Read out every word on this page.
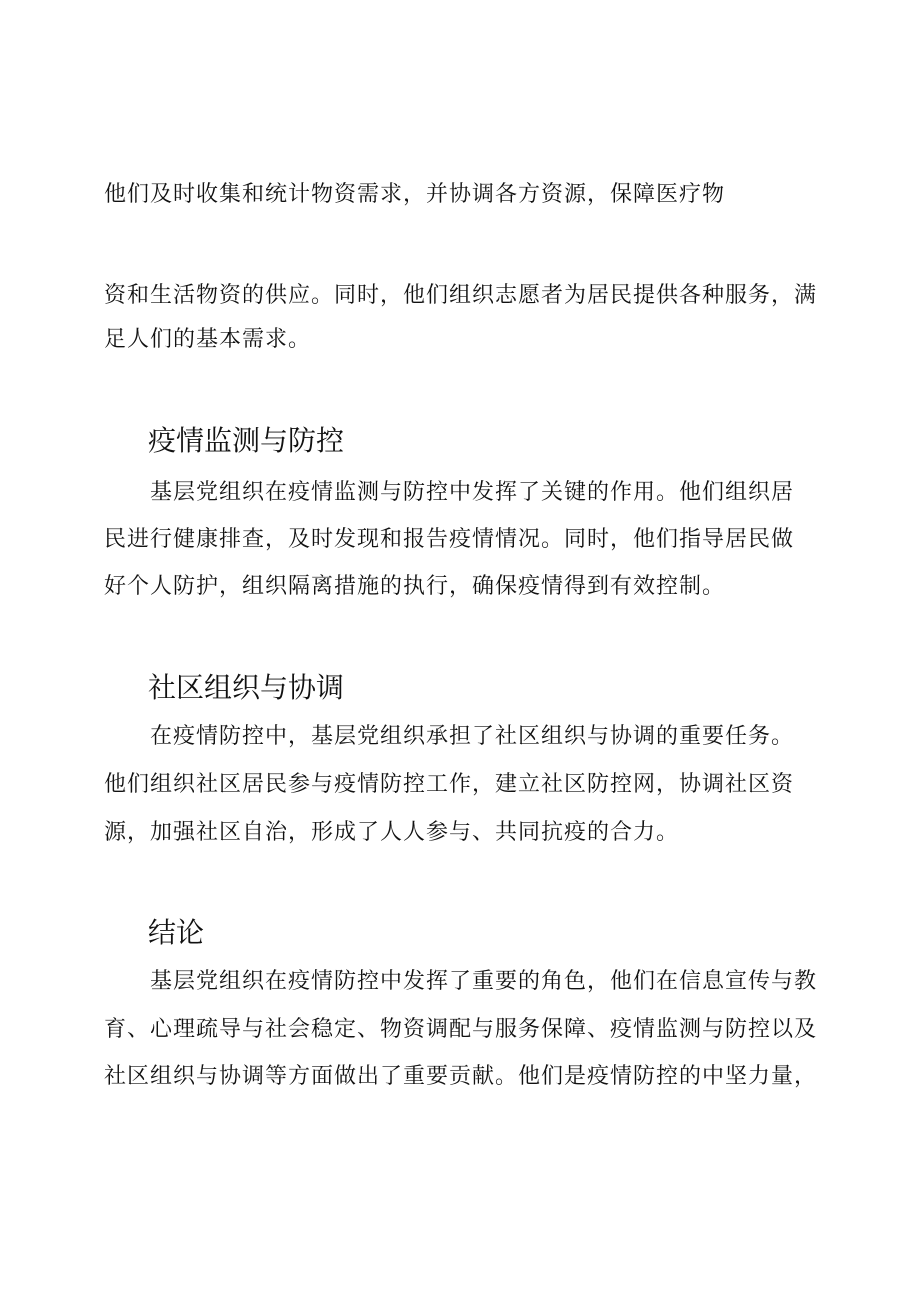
他们及时收集和统计物资需求，并协调各方资源，保障医疗物
资和生活物资的供应。同时，他们组织志愿者为居民提供各种服务，满
足人们的基本需求。
疫情监测与防控
基层党组织在疫情监测与防控中发挥了关键的作用。他们组织居
民进行健康排查，及时发现和报告疫情情况。同时，他们指导居民做
好个人防护，组织隔离措施的执行，确保疫情得到有效控制。
社区组织与协调
在疫情防控中，基层党组织承担了社区组织与协调的重要任务。
他们组织社区居民参与疫情防控工作，建立社区防控网，协调社区资
源，加强社区自治，形成了人人参与、共同抗疫的合力。
结论
基层党组织在疫情防控中发挥了重要的角色，他们在信息宣传与教
育、心理疏导与社会稳定、物资调配与服务保障、疫情监测与防控以及
社区组织与协调等方面做出了重要贡献。他们是疫情防控的中坚力量，
